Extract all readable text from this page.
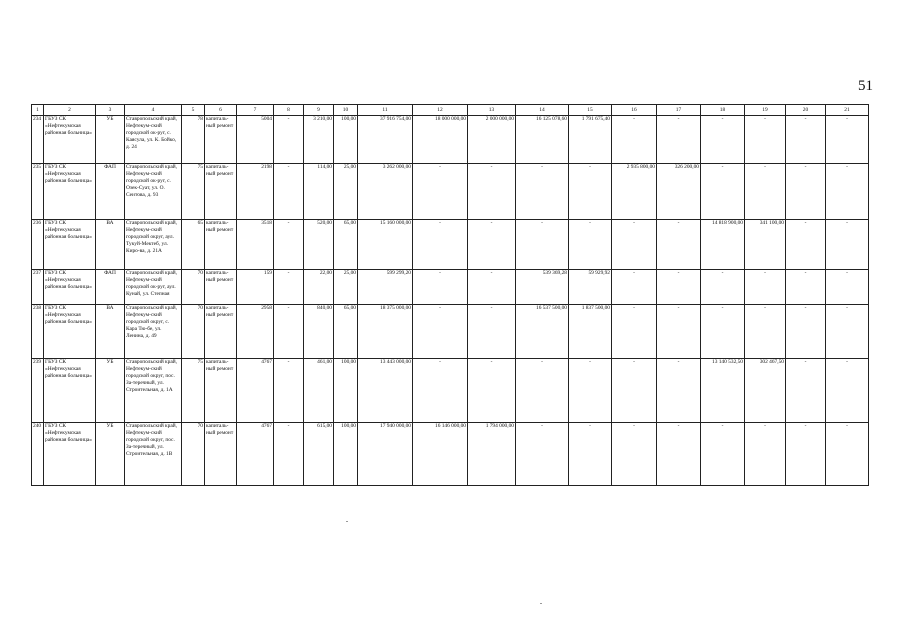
51
1	2	3	4	5	6	7	8	9	10	11	12	13	14	15	16	17	18	19	20	21
234	ГБУЗ СК «Нефтекумская районная больница»	УБ	Ставропольский край, Нефтекум-ский городской ок-руг, с. Каясула, ул. К. Бойко, д. 24	78	капиталь-ный ремонт	5004	-	3 210,00	100,00	37 916 754,00	18 000 000,00	2 000 000,00	16 125 078,60	1 791 675,40	-	-	-	-	-	-
235	ГБУЗ СК «Нефтекумская районная больница»	ФАП	Ставропольский край, Нефтекум-ский городской ок-руг, с. Озек-Суат, ул. О. Сеитова, д. 93	75	капиталь-ный ремонт	2198	-	114,00	25,00	3 262 000,00	-	-	-	-	2 935 800,00	326 200,00	-	-	-	-
236	ГБУЗ СК «Нефтекумская районная больница»	ВА	Ставропольский край, Нефтекум-ский городской округ, аул. Тукуй-Мектеб, ул. Киро-ва, д. 21А	65	капиталь-ный ремонт	3518	-	520,00	65,00	15 160 000,00	-	-	-	-	-	-	14 818 900,00	341 100,00	-	-
237	ГБУЗ СК «Нефтекумская районная больница»	ФАП	Ставропольский край, Нефтекум-ский городской ок-руг, аул. Кунай, ул. Степная	70	капиталь-ный ремонт	159	-	22,00	25,00	599 299,20	-	-	539 369,28	59 929,92	-	-	-	-	-	-
238	ГБУЗ СК «Нефтекумская районная больница»	ВА	Ставропольский край, Нефтекум-ский городской округ, с. Кара Тю-бе, ул. Ленина, д. 49	70	капиталь-ный ремонт	2958	-	840,00	65,00	18 375 000,00	-	-	16 537 500,00	1 837 500,00	-	-	-	-	-	-
239	ГБУЗ СК «Нефтекумская районная больница»	УБ	Ставропольский край, Нефтекум-ский городской округ, пос. За-теречный, ул. Строительная, д. 1А	75	капиталь-ный ремонт	4767	-	461,00	100,00	13 443 000,00	-	-	-	-	-	-	13 140 532,50	302 467,50	-	-
240	ГБУЗ СК «Нефтекумская районная больница»	УБ	Ставропольский край, Нефтекум-ский городской округ, пос. За-теречный, ул. Строительная, д. 1В	70	капиталь-ный ремонт	4767	-	615,00	100,00	17 940 000,00	16 146 000,00	1 794 000,00	-	-	-	-	-	-	-	-
